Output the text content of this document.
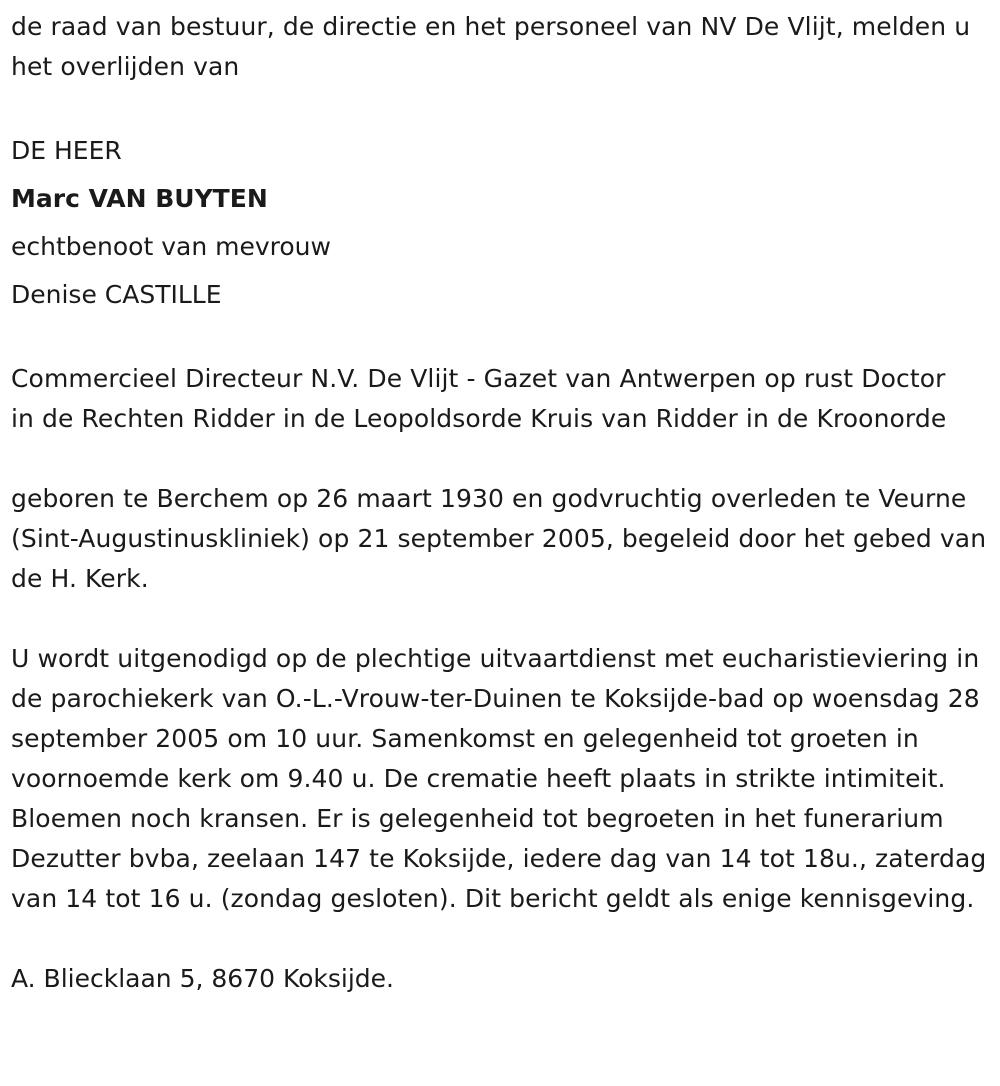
de raad van bestuur, de directie en het personeel van NV De Vlijt, melden u het overlijden van

DE HEER

Marc VAN BUYTEN

echtbenoot van mevrouw

Denise CASTILLE

Commercieel Directeur N.V. De Vlijt - Gazet van Antwerpen op rust Doctor in de Rechten Ridder in de Leopoldsorde Kruis van Ridder in de Kroonorde

geboren te Berchem op 26 maart 1930 en godvruchtig overleden te Veurne (Sint-Augustinuskliniek) op 21 september 2005, begeleid door het gebed van de H. Kerk.

U wordt uitgenodigd op de plechtige uitvaartdienst met eucharistieviering in de parochiekerk van O.-L.-Vrouw-ter-Duinen te Koksijde-bad op woensdag 28 september 2005 om 10 uur. Samenkomst en gelegenheid tot groeten in voornoemde kerk om 9.40 u. De crematie heeft plaats in strikte intimiteit. Bloemen noch kransen. Er is gelegenheid tot begroeten in het funerarium Dezutter bvba, zeelaan 147 te Koksijde, iedere dag van 14 tot 18u., zaterdag van 14 tot 16 u. (zondag gesloten). Dit bericht geldt als enige kennisgeving.

A. Bliecklaan 5, 8670 Koksijde.
